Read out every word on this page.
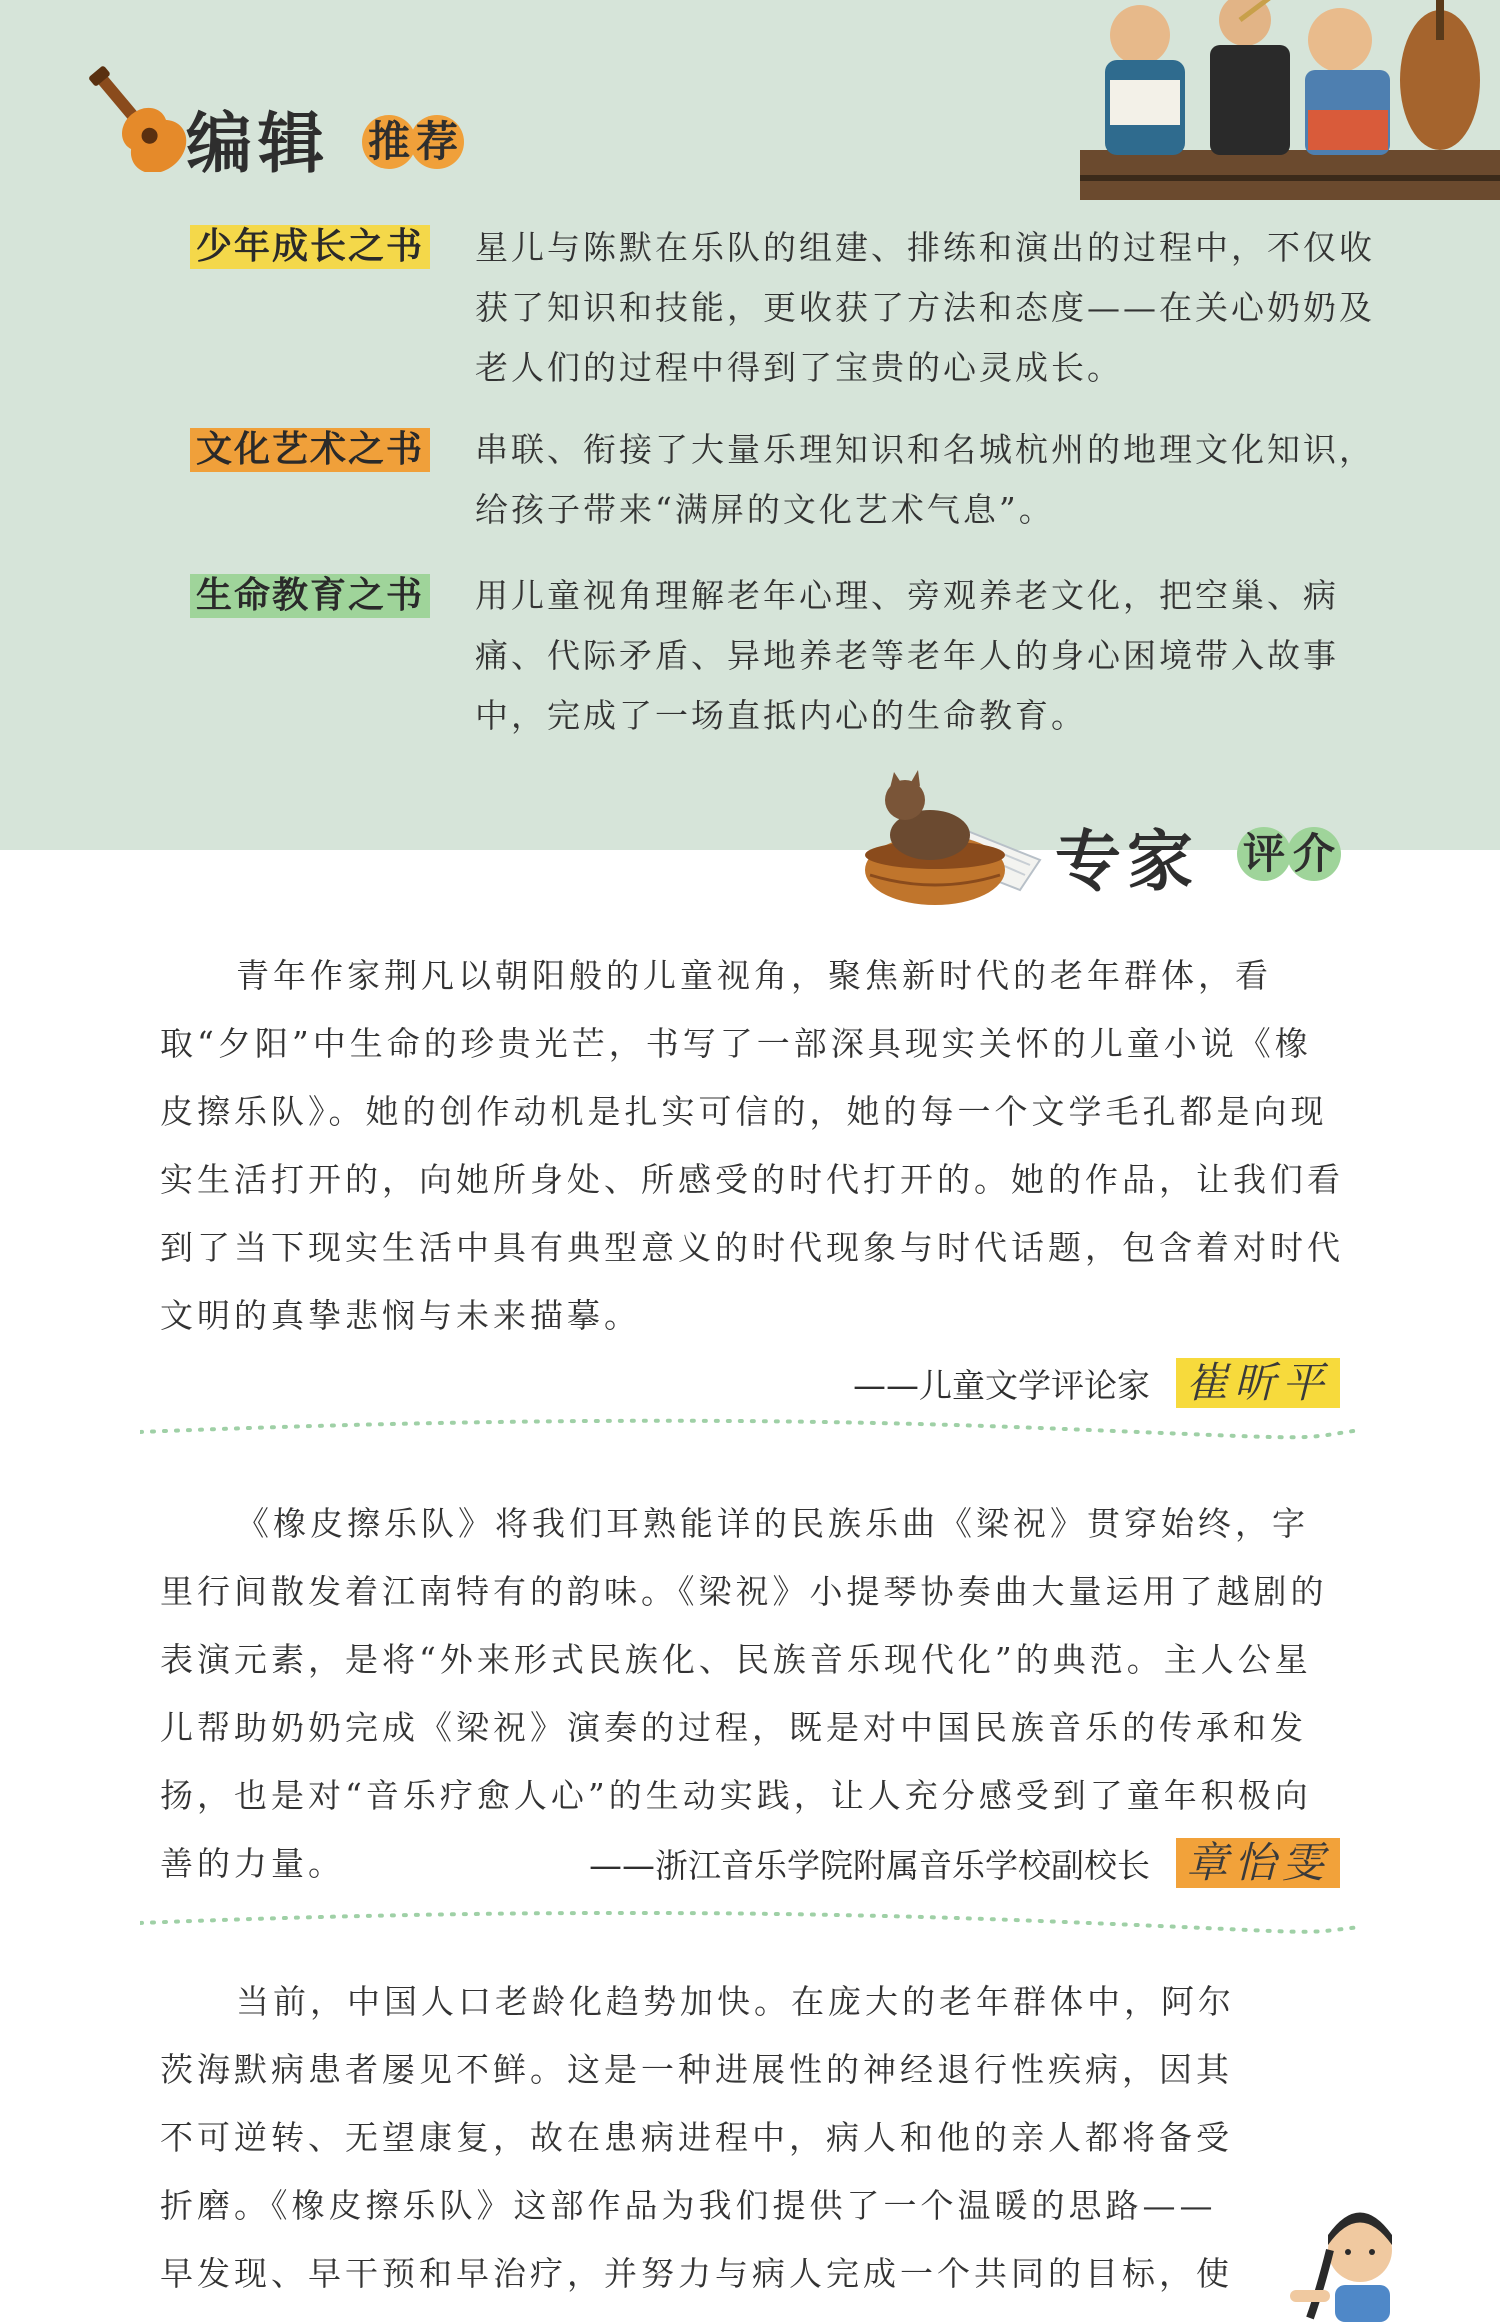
编辑 推 荐
少年成长之书 星儿与陈默在乐队的组建、排练和演出的过程中，不仅收获了知识和技能，更收获了方法和态度——在关心奶奶及老人们的过程中得到了宝贵的心灵成长。
文化艺术之书 串联、衔接了大量乐理知识和名城杭州的地理文化知识，给孩子带来“满屏的文化艺术气息”。
生命教育之书 用儿童视角理解老年心理、旁观养老文化，把空巢、病痛、代际矛盾、异地养老等老年人的身心困境带入故事中，完成了一场直抵内心的生命教育。
专家 评 介

青年作家荆凡以朝阳般的儿童视角，聚焦新时代的老年群体，看取“夕阳”中生命的珍贵光芒，书写了一部深具现实关怀的儿童小说《橡皮擦乐队》。她的创作动机是扎实可信的，她的每一个文学毛孔都是向现实生活打开的，向她所身处、所感受的时代打开的。她的作品，让我们看到了当下现实生活中具有典型意义的时代现象与时代话题，包含着对时代文明的真挚悲悯与未来描摹。

——儿童文学评论家 崔昕平

《橡皮擦乐队》将我们耳熟能详的民族乐曲《梁祝》贯穿始终，字里行间散发着江南特有的韵味。《梁祝》小提琴协奏曲大量运用了越剧的表演元素，是将“外来形式民族化、民族音乐现代化”的典范。主人公星儿帮助奶奶完成《梁祝》演奏的过程，既是对中国民族音乐的传承和发扬，也是对“音乐疗愈人心”的生动实践，让人充分感受到了童年积极向善的力量。	——浙江音乐学院附属音乐学校副校长 章怡雯

当前，中国人口老龄化趋势加快。在庞大的老年群体中，阿尔茨海默病患者屡见不鲜。这是一种进展性的神经退行性疾病，因其不可逆转、无望康复，故在患病进程中，病人和他的亲人都将备受折磨。《橡皮擦乐队》这部作品为我们提供了一个温暖的思路——早发现、早干预和早治疗，并努力与病人完成一个共同的目标，使
